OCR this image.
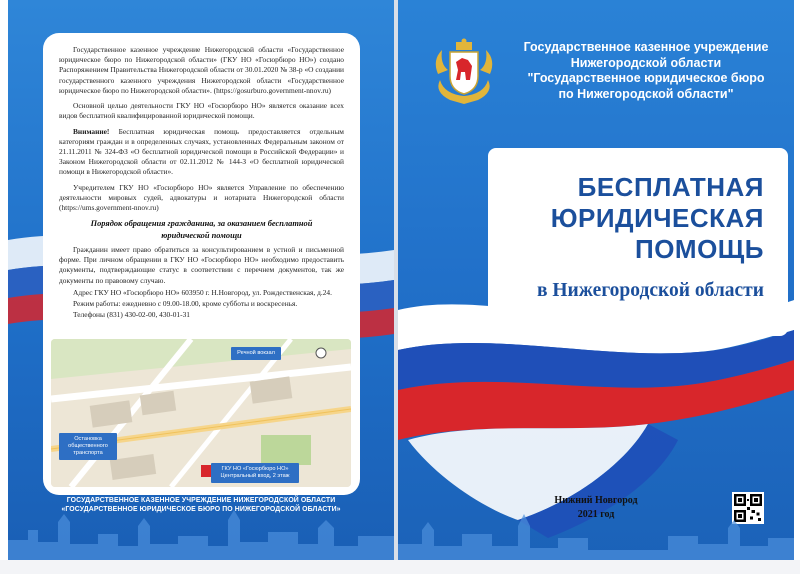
Государственное казенное учреждение Нижегородской области «Государственное юридическое бюро по Нижегородской области» (ГКУ НО «Госюрбюро НО») создано Распоряжением Правительства Нижегородской области от 30.01.2020 № 38-р «О создании государственного казенного учреждения Нижегородской области «Государственное юридическое бюро по Нижегородской области». (https://gosurburo.government-nnov.ru)

Основной целью деятельности ГКУ НО «Госюрбюро НО» является оказание всех видов бесплатной квалифицированной юридической помощи.

Внимание! Бесплатная юридическая помощь предоставляется отдельным категориям граждан и в определенных случаях, установленных Федеральным законом от 21.11.2011 № 324-ФЗ «О бесплатной юридической помощи в Российской Федерации» и Законом Нижегородской области от 02.11.2012 № 144-З «О бесплатной юридической помощи в Нижегородской области».

Учредителем ГКУ НО «Госюрбюро НО» является Управление по обеспечению деятельности мировых судей, адвокатуры и нотариата Нижегородской области (https://ums.government-nnov.ru)

Порядок обращения гражданина, за оказанием бесплатной юридической помощи

Гражданин имеет право обратиться за консультированием в устной и письменной форме. При личном обращении в ГКУ НО «Госюрбюро НО» необходимо предоставить документы, подтверждающие статус в соответствии с перечнем документов, так же документы по правовому случаю.

Адрес ГКУ НО «Госюрбюро НО» 603950 г. Н.Новгород, ул. Рождественская, д.24.

Режим работы: ежедневно с 09.00-18.00, кроме субботы и воскресенья.

Телефоны (831) 430-02-00, 430-01-31

Речной вокзал
Остановка общественного транспорта
ГКУ НО «Госюрбюро НО» Центральный вход, 2 этаж
ГОСУДАРСТВЕННОЕ КАЗЕННОЕ УЧРЕЖДЕНИЕ НИЖЕГОРОДСКОЙ ОБЛАСТИ
«ГОСУДАРСТВЕННОЕ ЮРИДИЧЕСКОЕ БЮРО ПО НИЖЕГОРОДСКОЙ ОБЛАСТИ»
Государственное казенное учреждение
Нижегородской области
"Государственное юридическое бюро
по Нижегородской области"
БЕСПЛАТНАЯ
ЮРИДИЧЕСКАЯ
ПОМОЩЬ
в Нижегородской области
Нижний Новгород
2021 год
